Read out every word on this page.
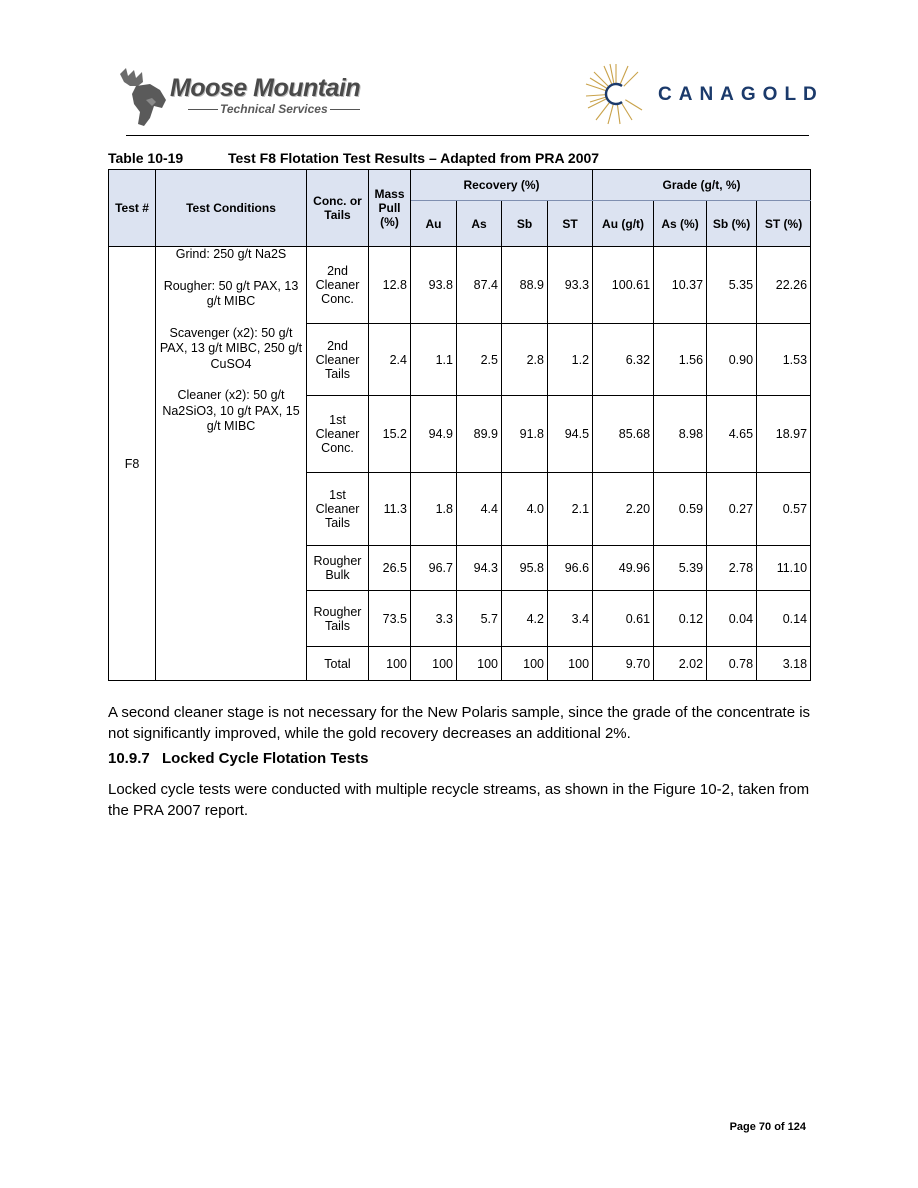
Moose Mountain
Technical Services
CANAGOLD
Table 10-19	Test F8 Flotation Test Results – Adapted from PRA 2007
Test #	Test Conditions	Conc. or Tails	Mass Pull (%)	Recovery (%)				Grade (g/t, %)			
				Au	As	Sb	ST	Au (g/t)	As (%)	Sb (%)	ST (%)
F8	Grind: 250 g/t Na2S
Rougher: 50 g/t PAX, 13 g/t MIBC
Scavenger (x2): 50 g/t PAX, 13 g/t MIBC, 250 g/t CuSO4
Cleaner (x2): 50 g/t Na2SiO3, 10 g/t PAX, 15 g/t MIBC	2nd Cleaner Conc.	12.8	93.8	87.4	88.9	93.3	100.61	10.37	5.35	22.26
		2nd Cleaner Tails	2.4	1.1	2.5	2.8	1.2	6.32	1.56	0.90	1.53
		1st Cleaner Conc.	15.2	94.9	89.9	91.8	94.5	85.68	8.98	4.65	18.97
		1st Cleaner Tails	11.3	1.8	4.4	4.0	2.1	2.20	0.59	0.27	0.57
		Rougher Bulk	26.5	96.7	94.3	95.8	96.6	49.96	5.39	2.78	11.10
		Rougher Tails	73.5	3.3	5.7	4.2	3.4	0.61	0.12	0.04	0.14
		Total	100	100	100	100	100	9.70	2.02	0.78	3.18
A second cleaner stage is not necessary for the New Polaris sample, since the grade of the concentrate is not significantly improved, while the gold recovery decreases an additional 2%.
10.9.7 Locked Cycle Flotation Tests
Locked cycle tests were conducted with multiple recycle streams, as shown in the Figure 10-2, taken from the PRA 2007 report.
Page 70 of 124
